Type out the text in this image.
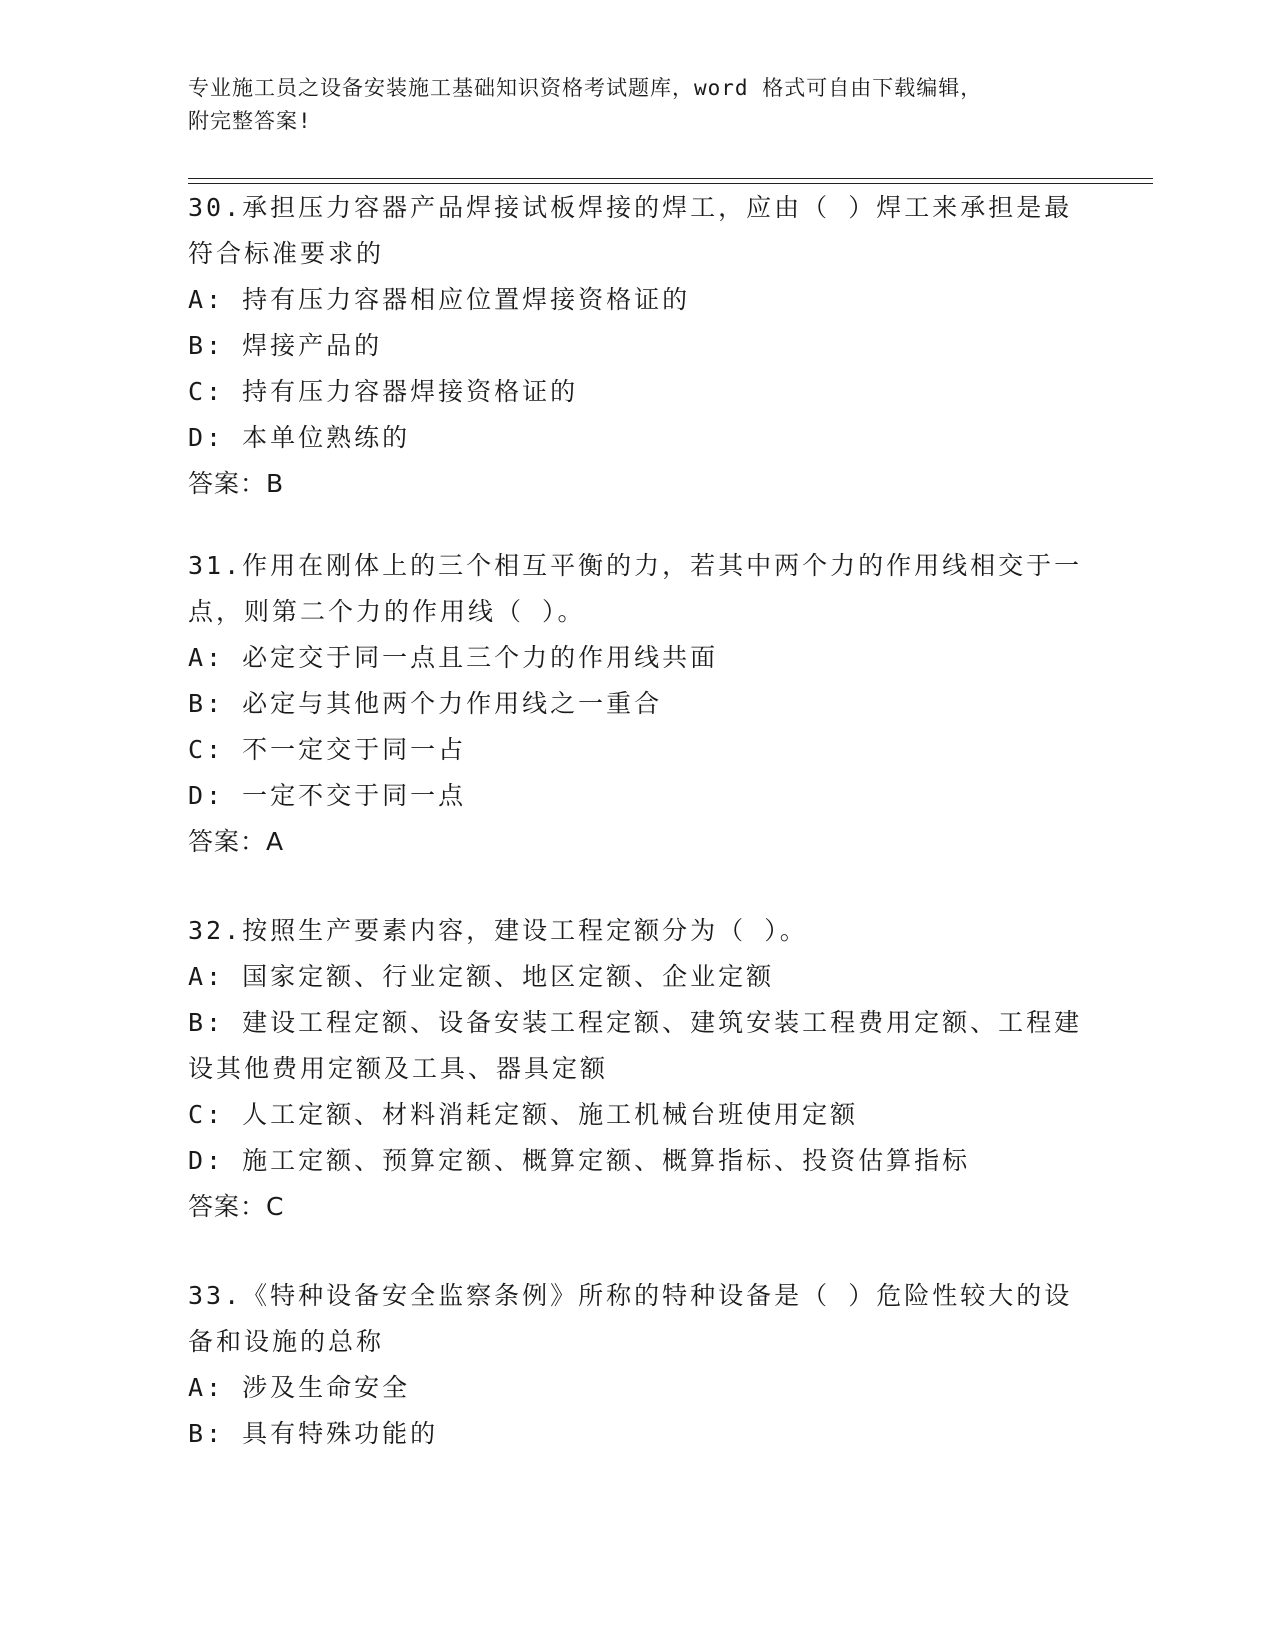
专业施工员之设备安装施工基础知识资格考试题库，word 格式可自由下载编辑，
附完整答案!
30.承担压力容器产品焊接试板焊接的焊工，应由（ ）焊工来承担是最符合标准要求的
A: 持有压力容器相应位置焊接资格证的
B: 焊接产品的
C: 持有压力容器焊接资格证的
D: 本单位熟练的
答案：B
31.作用在刚体上的三个相互平衡的力，若其中两个力的作用线相交于一点，则第二个力的作用线（ ）。
A: 必定交于同一点且三个力的作用线共面
B: 必定与其他两个力作用线之一重合
C: 不一定交于同一占
D: 一定不交于同一点
答案：A
32.按照生产要素内容，建设工程定额分为（ ）。
A: 国家定额、行业定额、地区定额、企业定额
B: 建设工程定额、设备安装工程定额、建筑安装工程费用定额、工程建设其他费用定额及工具、器具定额
C: 人工定额、材料消耗定额、施工机械台班使用定额
D: 施工定额、预算定额、概算定额、概算指标、投资估算指标
答案：C
33.《特种设备安全监察条例》所称的特种设备是（ ）危险性较大的设备和设施的总称
A: 涉及生命安全
B: 具有特殊功能的
